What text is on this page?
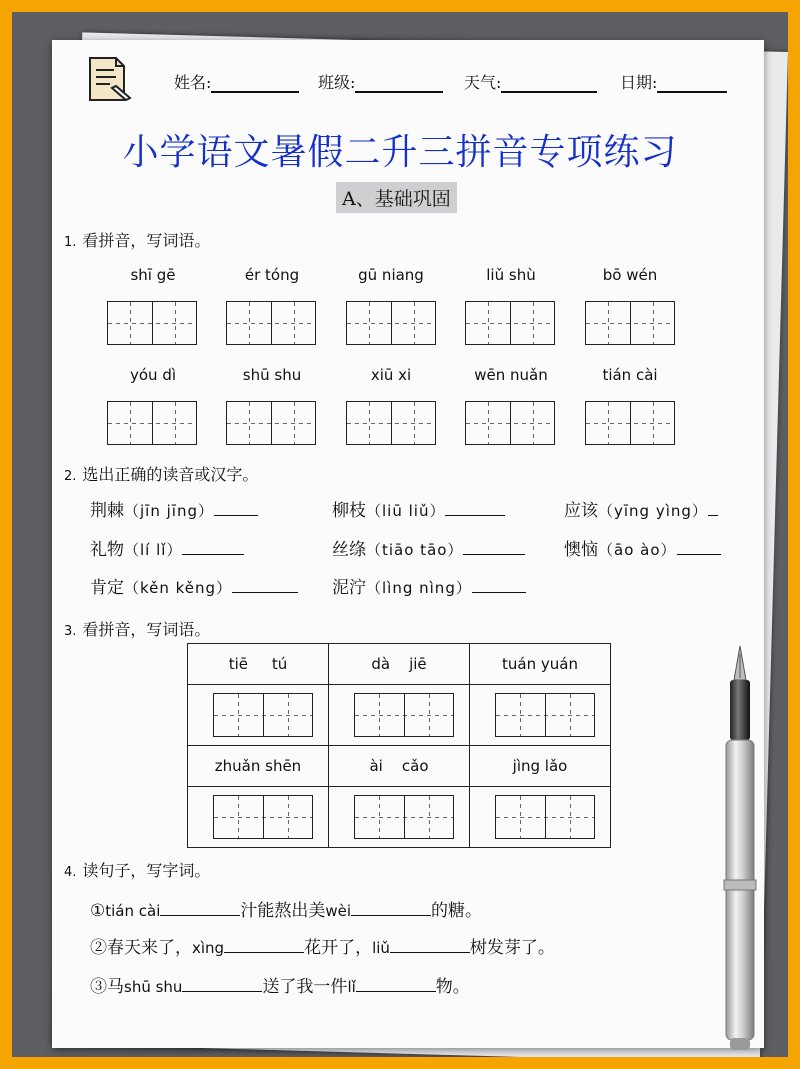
姓名:	班级:	天气:	日期:
小学语文暑假二升三拼音专项练习
A、基础巩固
1. 看拼音，写词语。
shī gē	ér tóng	gū niang	liǔ shù	bō wén
yóu dì	shū shu	xiū xi	wēn nuǎn	tián cài
2. 选出正确的读音或汉字。
荆棘（jīn jīng）	柳枝（liū liǔ）	应该（yīng yìng）
礼物（lí lǐ）	丝绦（tiāo tāo）	懊恼（āo ào）
肯定（kěn kěng）	泥泞（lìng nìng）
3. 看拼音，写词语。
tiē     tú	dà    jiē	tuán yuán

zhuǎn shēn	ài    cǎo	jìng lǎo

4. 读句子，写字词。
①tián cài	汁能熬出美wèi	的糖。
②春天来了，xìng	花开了，liǔ	树发芽了。
③马shū shu	送了我一件lǐ	物。
